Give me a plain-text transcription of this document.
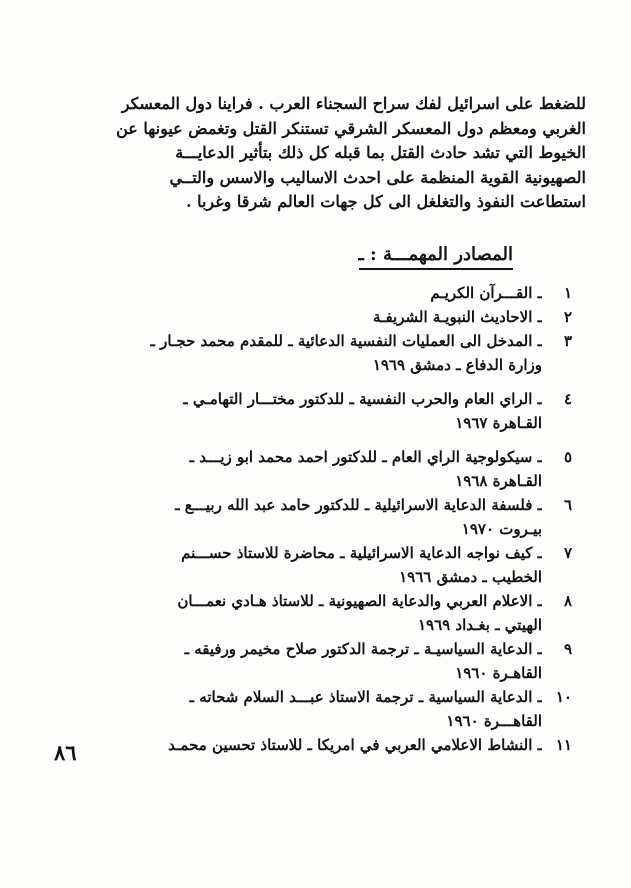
للضغط على اسرائيل لفك سراح السجناء العرب . فراينا دول المعسكر
الغربي ومعظم دول المعسكر الشرقي تستنكر القتل وتغمض عيونها عن
الخيوط التي تشد حادث القتل بما قبله كل ذلك بتأثير الدعايـــة
الصهيونية القوية المنظمة على احدث الاساليب والاسس والتــي
استطاعت النفوذ والتغلغل الى كل جهات العالم شرقا وغربا .
المصادر المهمـــة : ـ
١
ـ القـــرآن الكريـم
٢
ـ الاحاديث النبويـة الشريفـة
٣
ـ المدخل الى العمليات النفسية الدعائية ـ للمقدم محمد حجـار ـ
وزارة الدفاع ـ دمشق ١٩٦٩
٤
ـ الراي العام والحرب النفسية ـ للدكتور مختـــار التهامـي ـ
القـاهرة ١٩٦٧
٥
ـ سيكولوجية الراي العام ـ للدكتور احمد محمد ابو زيـــد ـ
القـاهرة ١٩٦٨
٦
ـ فلسفة الدعاية الاسرائيلية ـ للدكتور حامد عبد الله ربيـــع ـ
بيـروت ١٩٧٠
٧
ـ كيف نواجه الدعاية الاسرائيلية ـ محاضرة للاستاذ حســـنم
الخطيب ـ دمشق ١٩٦٦
٨
ـ الاعلام العربي والدعاية الصهيونية ـ للاستاذ هـادي نعمـــان
الهيتي ـ بغـداد ١٩٦٩
٩
ـ الدعاية السياسيـة ـ ترجمة الدكتور صلاح مخيمر ورفيقه ـ
القاهـرة ١٩٦٠
١٠
ـ الدعاية السياسية ـ ترجمة الاستاذ عبـــد السلام شحاته ـ
القاهـــرة ١٩٦٠
١١
ـ النشاط الاعلامي العربي في امريكا ـ للاستاذ تحسين محمـد
٨٦
